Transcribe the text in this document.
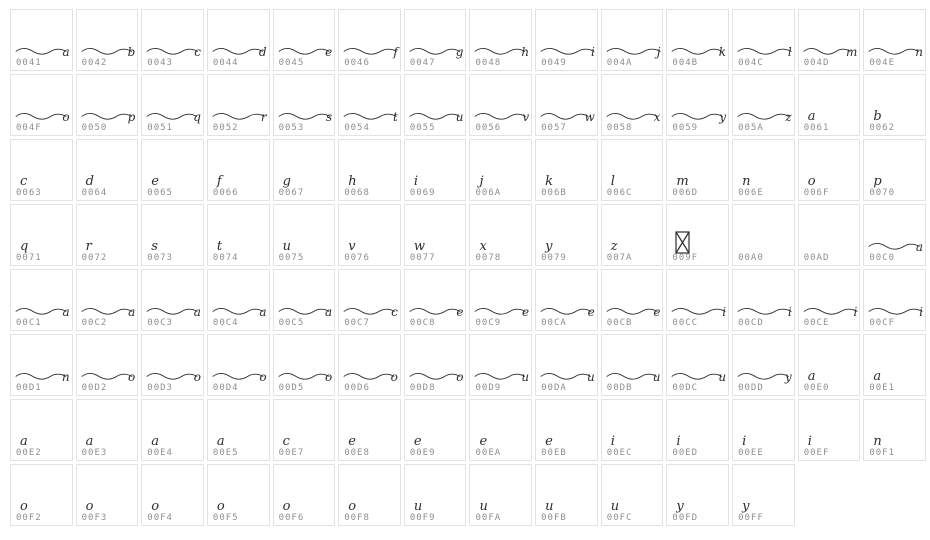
a
0041
b
0042
c
0043
d
0044
e
0045
f
0046
g
0047
h
0048
i
0049
j
004A
k
004B
l
004C
m
004D
n
004E
o
004F
p
0050
q
0051
r
0052
s
0053
t
0054
u
0055
v
0056
w
0057
x
0058
y
0059
z
005A
a
0061
b
0062
c
0063
d
0064
e
0065
f
0066
g
0067
h
0068
i
0069
j
006A
k
006B
l
006C
m
006D
n
006E
o
006F
p
0070
q
0071
r
0072
s
0073
t
0074
u
0075
v
0076
w
0077
x
0078
y
0079
z
007A	009F	00A0	00AD
a
00C0
a
00C1
a
00C2
a
00C3
a
00C4
a
00C5
c
00C7
e
00C8
e
00C9
e
00CA
e
00CB
i
00CC
i
00CD
i
00CE
i
00CF
n
00D1
o
00D2
o
00D3
o
00D4
o
00D5
o
00D6
o
00D8
u
00D9
u
00DA
u
00DB
u
00DC
y
00DD
a
00E0
a
00E1
a
00E2
a
00E3
a
00E4
a
00E5
c
00E7
e
00E8
e
00E9
e
00EA
e
00EB
i
00EC
i
00ED
i
00EE
i
00EF
n
00F1
o
00F2
o
00F3
o
00F4
o
00F5
o
00F6
o
00F8
u
00F9
u
00FA
u
00FB
u
00FC
y
00FD
y
00FF
